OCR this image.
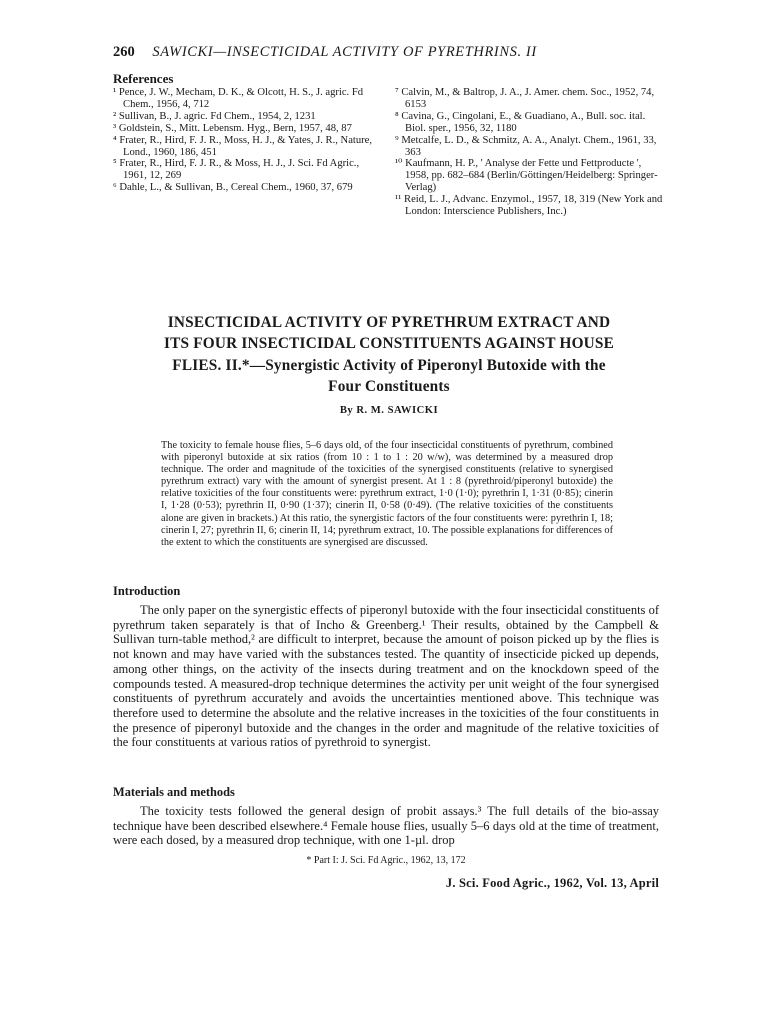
260 SAWICKI—INSECTICIDAL ACTIVITY OF PYRETHRINS. II
References

¹ Pence, J. W., Mecham, D. K., & Olcott, H. S., J. agric. Fd Chem., 1956, 4, 712

² Sullivan, B., J. agric. Fd Chem., 1954, 2, 1231

³ Goldstein, S., Mitt. Lebensm. Hyg., Bern, 1957, 48, 87

⁴ Frater, R., Hird, F. J. R., Moss, H. J., & Yates, J. R., Nature, Lond., 1960, 186, 451

⁵ Frater, R., Hird, F. J. R., & Moss, H. J., J. Sci. Fd Agric., 1961, 12, 269

⁶ Dahle, L., & Sullivan, B., Cereal Chem., 1960, 37, 679

⁷ Calvin, M., & Baltrop, J. A., J. Amer. chem. Soc., 1952, 74, 6153

⁸ Cavina, G., Cingolani, E., & Guadiano, A., Bull. soc. ital. Biol. sper., 1956, 32, 1180

⁹ Metcalfe, L. D., & Schmitz, A. A., Analyt. Chem., 1961, 33, 363

¹⁰ Kaufmann, H. P., ' Analyse der Fette und Fettproducte ', 1958, pp. 682–684 (Berlin/Göttingen/Heidelberg: Springer-Verlag)

¹¹ Reid, L. J., Advanc. Enzymol., 1957, 18, 319 (New York and London: Interscience Publishers, Inc.)

INSECTICIDAL ACTIVITY OF PYRETHRUM EXTRACT AND
ITS FOUR INSECTICIDAL CONSTITUENTS AGAINST HOUSE
FLIES. II.*—Synergistic Activity of Piperonyl Butoxide with the
Four Constituents
By R. M. SAWICKI
The toxicity to female house flies, 5–6 days old, of the four insecticidal constituents of pyrethrum, combined with piperonyl butoxide at six ratios (from 10 : 1 to 1 : 20 w/w), was determined by a measured drop technique. The order and magnitude of the toxicities of the synergised constituents (relative to synergised pyrethrum extract) vary with the amount of synergist present. At 1 : 8 (pyrethroid/piperonyl butoxide) the relative toxicities of the four constituents were: pyrethrum extract, 1·0 (1·0); pyrethrin I, 1·31 (0·85); cinerin I, 1·28 (0·53); pyrethrin II, 0·90 (1·37); cinerin II, 0·58 (0·49). (The relative toxicities of the constituents alone are given in brackets.) At this ratio, the synergistic factors of the four constituents were: pyrethrin I, 18; cinerin I, 27; pyrethrin II, 6; cinerin II, 14; pyrethrum extract, 10. The possible explanations for differences of the extent to which the constituents are synergised are discussed.
Introduction

The only paper on the synergistic effects of piperonyl butoxide with the four insecticidal constituents of pyrethrum taken separately is that of Incho & Greenberg.¹ Their results, obtained by the Campbell & Sullivan turn-table method,² are difficult to interpret, because the amount of poison picked up by the flies is not known and may have varied with the substances tested. The quantity of insecticide picked up depends, among other things, on the activity of the insects during treatment and on the knockdown speed of the compounds tested. A measured-drop technique determines the activity per unit weight of the four synergised constituents of pyrethrum accurately and avoids the uncertainties mentioned above. This technique was therefore used to determine the absolute and the relative increases in the toxicities of the four constituents in the presence of piperonyl butoxide and the changes in the order and magnitude of the relative toxicities of the four constituents at various ratios of pyrethroid to synergist.

Materials and methods

The toxicity tests followed the general design of probit assays.³ The full details of the bio-assay technique have been described elsewhere.⁴ Female house flies, usually 5–6 days old at the time of treatment, were each dosed, by a measured drop technique, with one 1-µl. drop

* Part I: J. Sci. Fd Agric., 1962, 13, 172
J. Sci. Food Agric., 1962, Vol. 13, April
